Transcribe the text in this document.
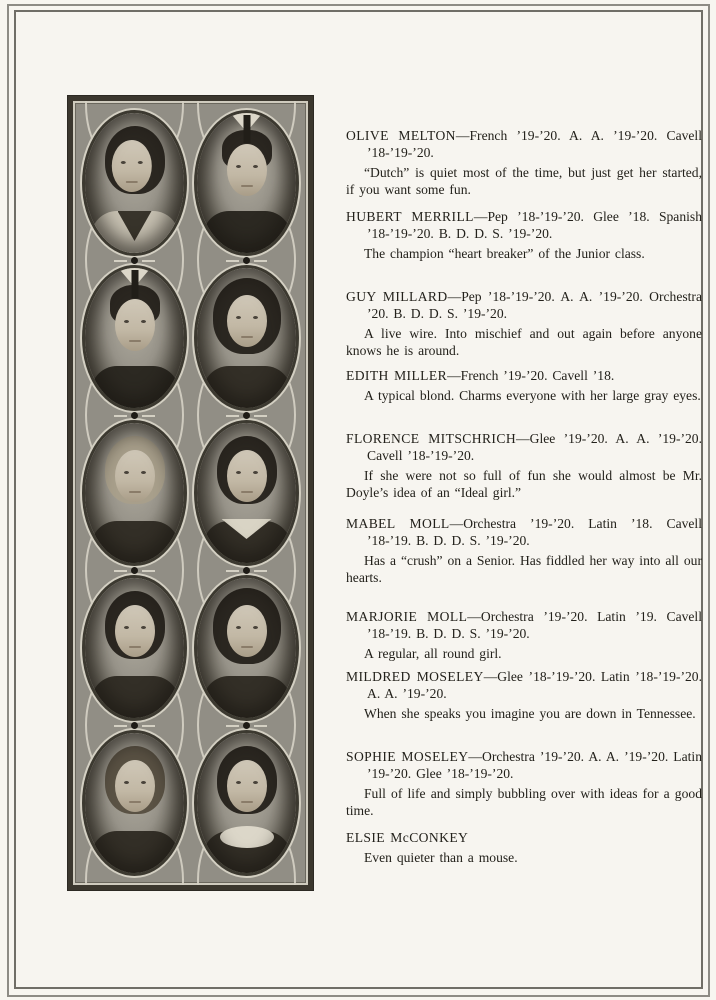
OLIVE MELTON—French ’19-’20. A. A. ’19-’20. Cavell ’18-’19-’20.

“Dutch” is quiet most of the time, but just get her started, if you want some fun.

HUBERT MERRILL—Pep ’18-’19-’20. Glee ’18. Spanish ’18-’19-’20. B. D. D. S. ’19-’20.

The champion “heart breaker” of the Junior class.

GUY MILLARD—Pep ’18-’19-’20. A. A. ’19-’20. Orchestra ’20. B. D. D. S. ’19-’20.

A live wire. Into mischief and out again before anyone knows he is around.

EDITH MILLER—French ’19-’20. Cavell ’18.

A typical blond. Charms everyone with her large gray eyes.

FLORENCE MITSCHRICH—Glee ’19-’20. A. A. ’19-’20. Cavell ’18-’19-’20.

If she were not so full of fun she would almost be Mr. Doyle’s idea of an “Ideal girl.”

MABEL MOLL—Orchestra ’19-’20. Latin ’18. Cavell ’18-’19. B. D. D. S. ’19-’20.

Has a “crush” on a Senior. Has fiddled her way into all our hearts.

MARJORIE MOLL—Orchestra ’19-’20. Latin ’19. Cavell ’18-’19. B. D. D. S. ’19-’20.

A regular, all round girl.

MILDRED MOSELEY—Glee ’18-’19-’20. Latin ’18-’19-’20. A. A. ’19-’20.

When she speaks you imagine you are down in Tennessee.

SOPHIE MOSELEY—Orchestra ’19-’20. A. A. ’19-’20. Latin ’19-’20. Glee ’18-’19-’20.

Full of life and simply bubbling over with ideas for a good time.

ELSIE McCONKEY

Even quieter than a mouse.
